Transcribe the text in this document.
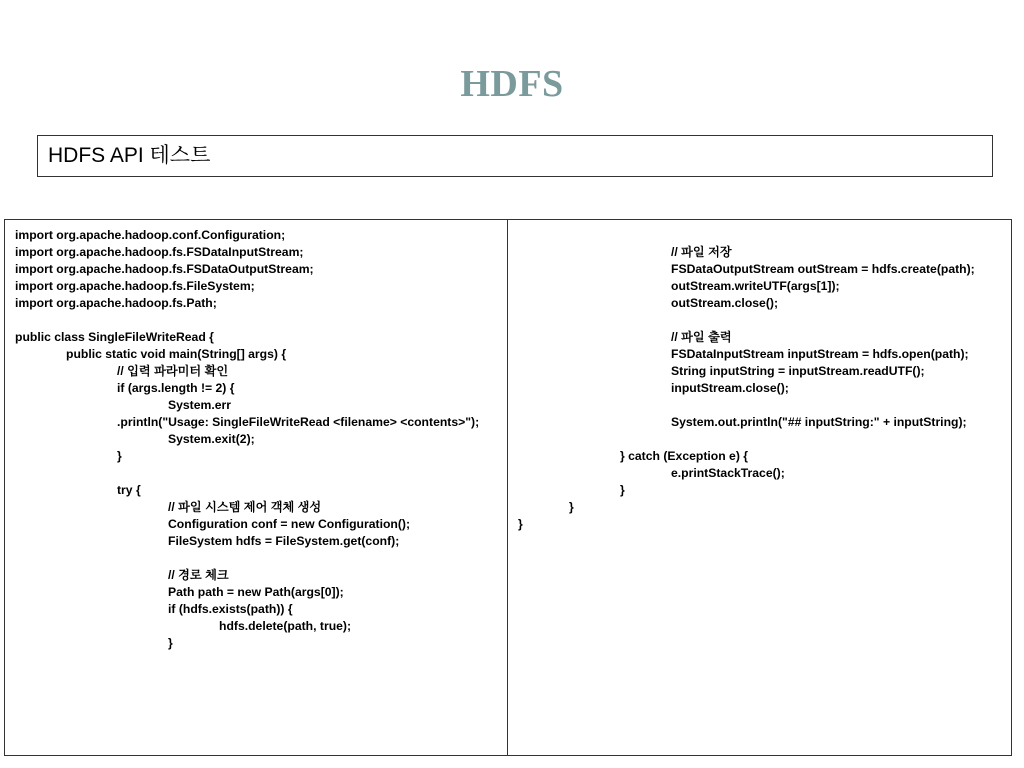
HDFS
HDFS API 테스트
import org.apache.hadoop.conf.Configuration;
import org.apache.hadoop.fs.FSDataInputStream;
import org.apache.hadoop.fs.FSDataOutputStream;
import org.apache.hadoop.fs.FileSystem;
import org.apache.hadoop.fs.Path;
public class SingleFileWriteRead {
public static void main(String[] args) {
// 입력 파라미터 확인
if (args.length != 2) {
System.err
.println("Usage: SingleFileWriteRead <filename> <contents>");
System.exit(2);
}
try {
// 파일 시스템 제어 객체 생성
Configuration conf = new Configuration();
FileSystem hdfs = FileSystem.get(conf);
// 경로 체크
Path path = new Path(args[0]);
if (hdfs.exists(path)) {
hdfs.delete(path, true);
}
// 파일 저장
FSDataOutputStream outStream = hdfs.create(path);
outStream.writeUTF(args[1]);
outStream.close();
// 파일 출력
FSDataInputStream inputStream = hdfs.open(path);
String inputString = inputStream.readUTF();
inputStream.close();
System.out.println("## inputString:" + inputString);
} catch (Exception e) {
e.printStackTrace();
}
}
}
